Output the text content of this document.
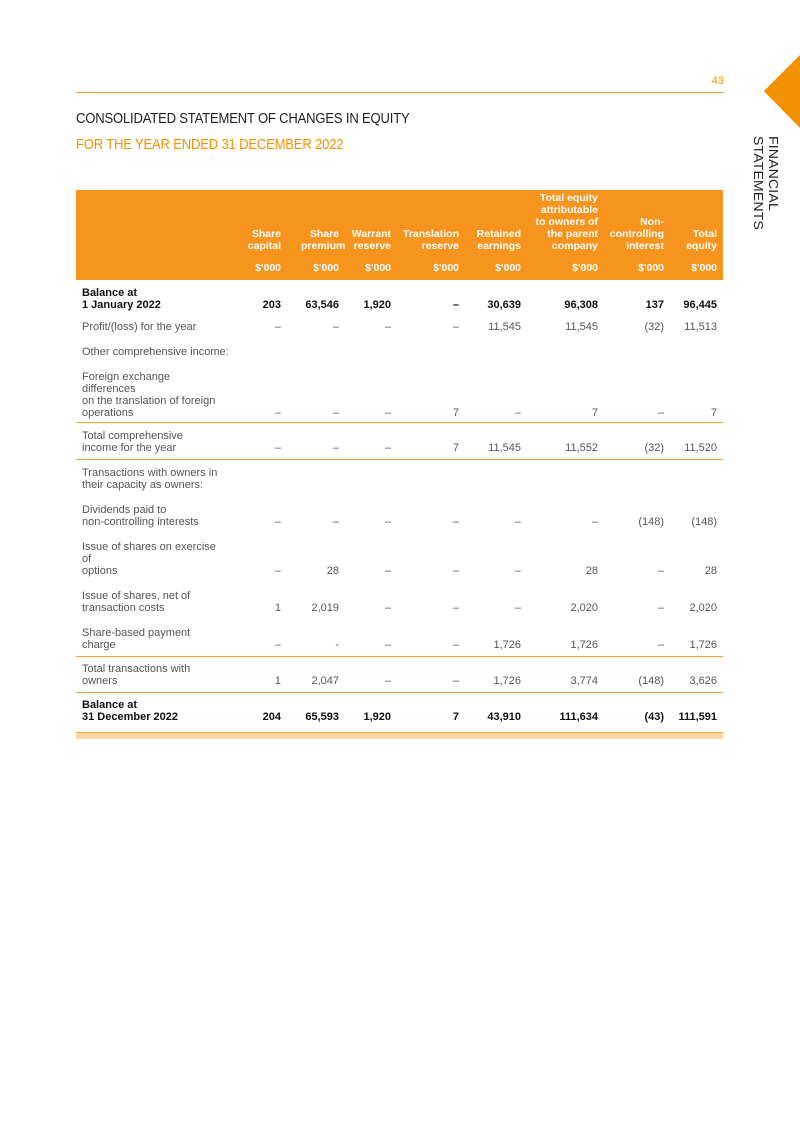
43
FINANCIAL STATEMENTS
CONSOLIDATED STATEMENT OF CHANGES IN EQUITY
FOR THE YEAR ENDED 31 DECEMBER 2022
	Share capital	Share premium	Warrant reserve	Translation reserve	Retained earnings	Total equity attributable to owners of the parent company	Non-controlling interest	Total equity
	$'000	$'000	$'000	$'000	$'000	$'000	$'000	$'000

Balance at
1 January 2022	203	63,546	1,920	–	30,639	96,308	137	96,445
Profit/(loss) for the year	–	–	–	–	11,545	11,545	(32)	11,513
Other comprehensive income:								

Foreign exchange differences
on the translation of foreign
operations	–	–	–	7	–	7	–	7

Total comprehensive
income for the year	–	–	–	7	11,545	11,552	(32)	11,520

Transactions with owners in
their capacity as owners:								

Dividends paid to
non-controlling interests	–	–	–	–	–	–	(148)	(148)

Issue of shares on exercise of
options	–	28	–	–	–	28	–	28

Issue of shares, net of
transaction costs	1	2,019	–	–	–	2,020	–	2,020
Share-based payment charge	–	-	–	–	1,726	1,726	–	1,726
Total transactions with owners	1	2,047	–	–	1,726	3,774	(148)	3,626

Balance at
31 December 2022	204	65,593	1,920	7	43,910	111,634	(43)	111,591
